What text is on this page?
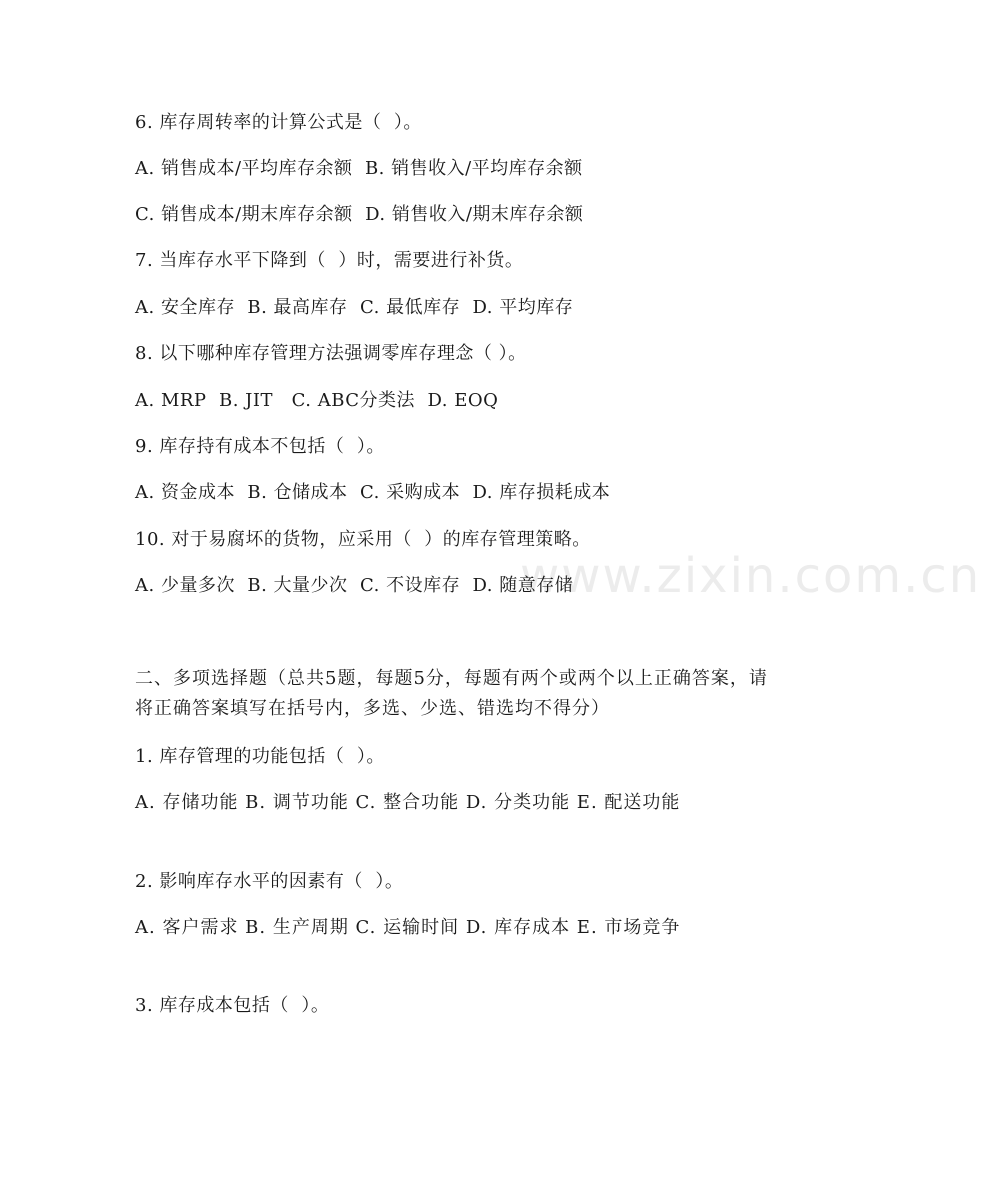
www.zixin.com.cn
6. 库存周转率的计算公式是（  ）。
A. 销售成本/平均库存余额  B. 销售收入/平均库存余额
C. 销售成本/期末库存余额  D. 销售收入/期末库存余额
7. 当库存水平下降到（  ）时，需要进行补货。
A. 安全库存  B. 最高库存  C. 最低库存  D. 平均库存
8. 以下哪种库存管理方法强调零库存理念（ ）。
A. MRP  B. JIT   C. ABC分类法  D. EOQ
9. 库存持有成本不包括（  ）。
A. 资金成本  B. 仓储成本  C. 采购成本  D. 库存损耗成本
10. 对于易腐坏的货物，应采用（  ）的库存管理策略。
A. 少量多次  B. 大量少次  C. 不设库存  D. 随意存储
二、多项选择题（总共5题，每题5分，每题有两个或两个以上正确答案，请将正确答案填写在括号内，多选、少选、错选均不得分）
1. 库存管理的功能包括（  ）。
A. 存储功能 B. 调节功能 C. 整合功能 D. 分类功能 E. 配送功能
2. 影响库存水平的因素有（  ）。
A. 客户需求 B. 生产周期 C. 运输时间 D. 库存成本 E. 市场竞争
3. 库存成本包括（  ）。
